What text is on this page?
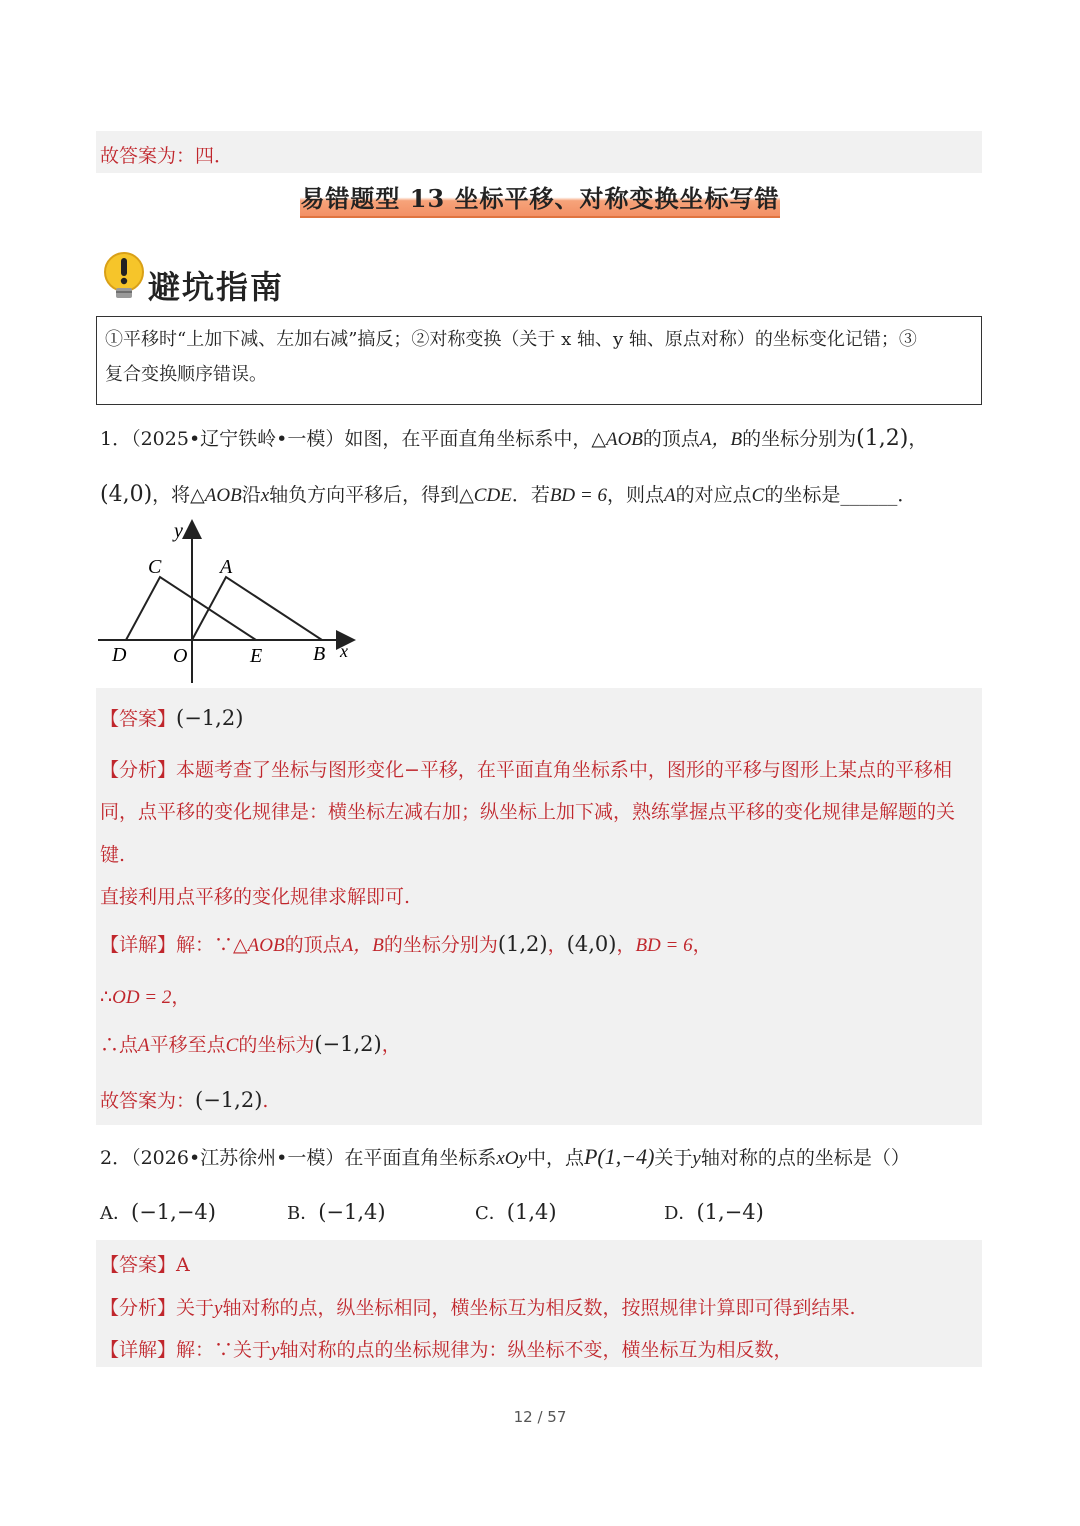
故答案为：四．
易错题型 13 坐标平移、对称变换坐标写错
避坑指南

①平移时“上加下减、左加右减”搞反；②对称变换（关于 x 轴、y 轴、原点对称）的坐标变化记错；③

复合变换顺序错误。

1．（2025•辽宁铁岭•一模）如图，在平面直角坐标系中，△AOB的顶点A，B的坐标分别为(1,2)，
(4,0)，将△AOB沿x轴负方向平移后，得到△CDE．若BD = 6，则点A的对应点C的坐标是______．
y
C	A
D O	E	B x
【答案】(−1,2)
【分析】本题考查了坐标与图形变化−平移，在平面直角坐标系中，图形的平移与图形上某点的平移相
同，点平移的变化规律是：横坐标左减右加；纵坐标上加下减，熟练掌握点平移的变化规律是解题的关
键.
直接利用点平移的变化规律求解即可.
【详解】解：∵△AOB的顶点A，B的坐标分别为(1,2)，(4,0)，BD = 6，
∴OD = 2，
∴点A平移至点C的坐标为(−1,2)，
故答案为：(−1,2).
2．（2026•江苏徐州•一模）在平面直角坐标系xOy中，点P(1,−4)关于y轴对称的点的坐标是（）
A．(−1,−4)	B．(−1,4)	C．(1,4)	D．(1,−4)
【答案】A
【分析】关于y轴对称的点，纵坐标相同，横坐标互为相反数，按照规律计算即可得到结果.
【详解】解：∵关于y轴对称的点的坐标规律为：纵坐标不变，横坐标互为相反数，
12 / 57
